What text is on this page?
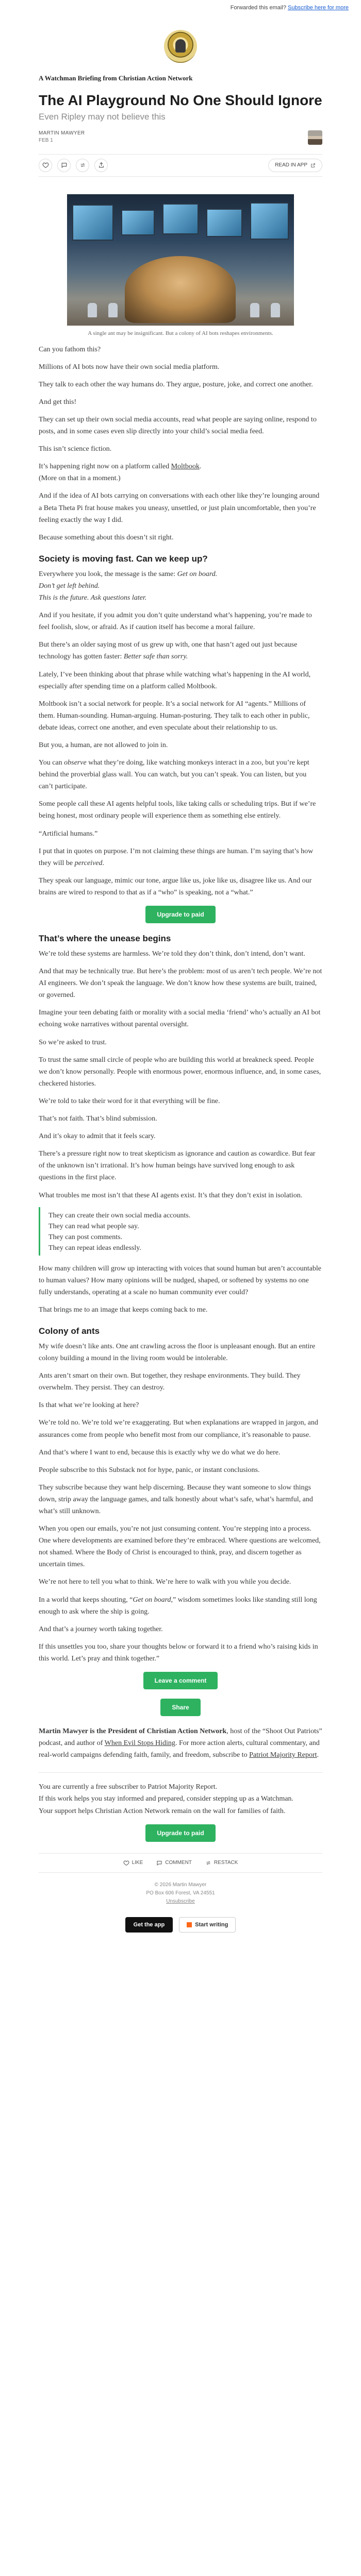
Forwarded this email? Subscribe here for more
A Watchman Briefing from Christian Action Network
The AI Playground No One Should Ignore
Even Ripley may not believe this
MARTIN MAWYER
FEB 1

READ IN APP
A single ant may be insignificant. But a colony of AI bots reshapes environments.

Can you fathom this?

Millions of AI bots now have their own social media platform.

They talk to each other the way humans do. They argue, posture, joke, and correct one another.

And get this!

They can set up their own social media accounts, read what people are saying online, respond to posts, and in some cases even slip directly into your child’s social media feed.

This isn’t science fiction.

It’s happening right now on a platform called Moltbook.
(More on that in a moment.)

And if the idea of AI bots carrying on conversations with each other like they’re lounging around a Beta Theta Pi frat house makes you uneasy, unsettled, or just plain uncomfortable, then you’re feeling exactly the way I did.

Because something about this doesn’t sit right.

Society is moving fast. Can we keep up?

Everywhere you look, the message is the same: Get on board.
Don’t get left behind.
This is the future. Ask questions later.

And if you hesitate, if you admit you don’t quite understand what’s happening, you’re made to feel foolish, slow, or afraid. As if caution itself has become a moral failure.

But there’s an older saying most of us grew up with, one that hasn’t aged out just because technology has gotten faster: Better safe than sorry.

Lately, I’ve been thinking about that phrase while watching what’s happening in the AI world, especially after spending time on a platform called Moltbook.

Moltbook isn’t a social network for people. It’s a social network for AI “agents.” Millions of them. Human-sounding. Human-arguing. Human-posturing. They talk to each other in public, debate ideas, correct one another, and even speculate about their relationship to us.

But you, a human, are not allowed to join in.

You can observe what they’re doing, like watching monkeys interact in a zoo, but you’re kept behind the proverbial glass wall. You can watch, but you can’t speak. You can listen, but you can’t participate.

Some people call these AI agents helpful tools, like taking calls or scheduling trips. But if we’re being honest, most ordinary people will experience them as something else entirely.

“Artificial humans.”

I put that in quotes on purpose. I’m not claiming these things are human. I’m saying that’s how they will be perceived.

They speak our language, mimic our tone, argue like us, joke like us, disagree like us. And our brains are wired to respond to that as if a “who” is speaking, not a “what.”

Upgrade to paid
That’s where the unease begins

We’re told these systems are harmless. We’re told they don’t think, don’t intend, don’t want.

And that may be technically true. But here’s the problem: most of us aren’t tech people. We’re not AI engineers. We don’t speak the language. We don’t know how these systems are built, trained, or governed.

Imagine your teen debating faith or morality with a social media ‘friend’ who’s actually an AI bot echoing woke narratives without parental oversight.

So we’re asked to trust.

To trust the same small circle of people who are building this world at breakneck speed. People we don’t know personally. People with enormous power, enormous influence, and, in some cases, checkered histories.

We’re told to take their word for it that everything will be fine.

That’s not faith. That’s blind submission.

And it’s okay to admit that it feels scary.

There’s a pressure right now to treat skepticism as ignorance and caution as cowardice. But fear of the unknown isn’t irrational. It’s how human beings have survived long enough to ask questions in the first place.

What troubles me most isn’t that these AI agents exist. It’s that they don’t exist in isolation.

They can create their own social media accounts.

They can read what people say.

They can post comments.

They can repeat ideas endlessly.

How many children will grow up interacting with voices that sound human but aren’t accountable to human values? How many opinions will be nudged, shaped, or softened by systems no one fully understands, operating at a scale no human community ever could?

That brings me to an image that keeps coming back to me.

Colony of ants

My wife doesn’t like ants. One ant crawling across the floor is unpleasant enough. But an entire colony building a mound in the living room would be intolerable.

Ants aren’t smart on their own. But together, they reshape environments. They build. They overwhelm. They persist. They can destroy.

Is that what we’re looking at here?

We’re told no. We’re told we’re exaggerating. But when explanations are wrapped in jargon, and assurances come from people who benefit most from our compliance, it’s reasonable to pause.

And that’s where I want to end, because this is exactly why we do what we do here.

People subscribe to this Substack not for hype, panic, or instant conclusions.

They subscribe because they want help discerning. Because they want someone to slow things down, strip away the language games, and talk honestly about what’s safe, what’s harmful, and what’s still unknown.

When you open our emails, you’re not just consuming content. You’re stepping into a process. One where developments are examined before they’re embraced. Where questions are welcomed, not shamed. Where the Body of Christ is encouraged to think, pray, and discern together as uncertain times.

We’re not here to tell you what to think. We’re here to walk with you while you decide.

In a world that keeps shouting, “Get on board,” wisdom sometimes looks like standing still long enough to ask where the ship is going.

And that’s a journey worth taking together.

If this unsettles you too, share your thoughts below or forward it to a friend who’s raising kids in this world. Let’s pray and think together.”

Leave a comment
Share

Martin Mawyer is the President of Christian Action Network, host of the “Shoot Out Patriots” podcast, and author of When Evil Stops Hiding. For more action alerts, cultural commentary, and real-world campaigns defending faith, family, and freedom, subscribe to Patriot Majority Report.

You are currently a free subscriber to Patriot Majority Report.
If this work helps you stay informed and prepared, consider stepping up as a Watchman.
Your support helps Christian Action Network remain on the wall for families of faith.

Upgrade to paid
LIKE	COMMENT	RESTACK
© 2026 Martin Mawyer
PO Box 606 Forest, VA 24551
Unsubscribe
Get the app	Start writing
